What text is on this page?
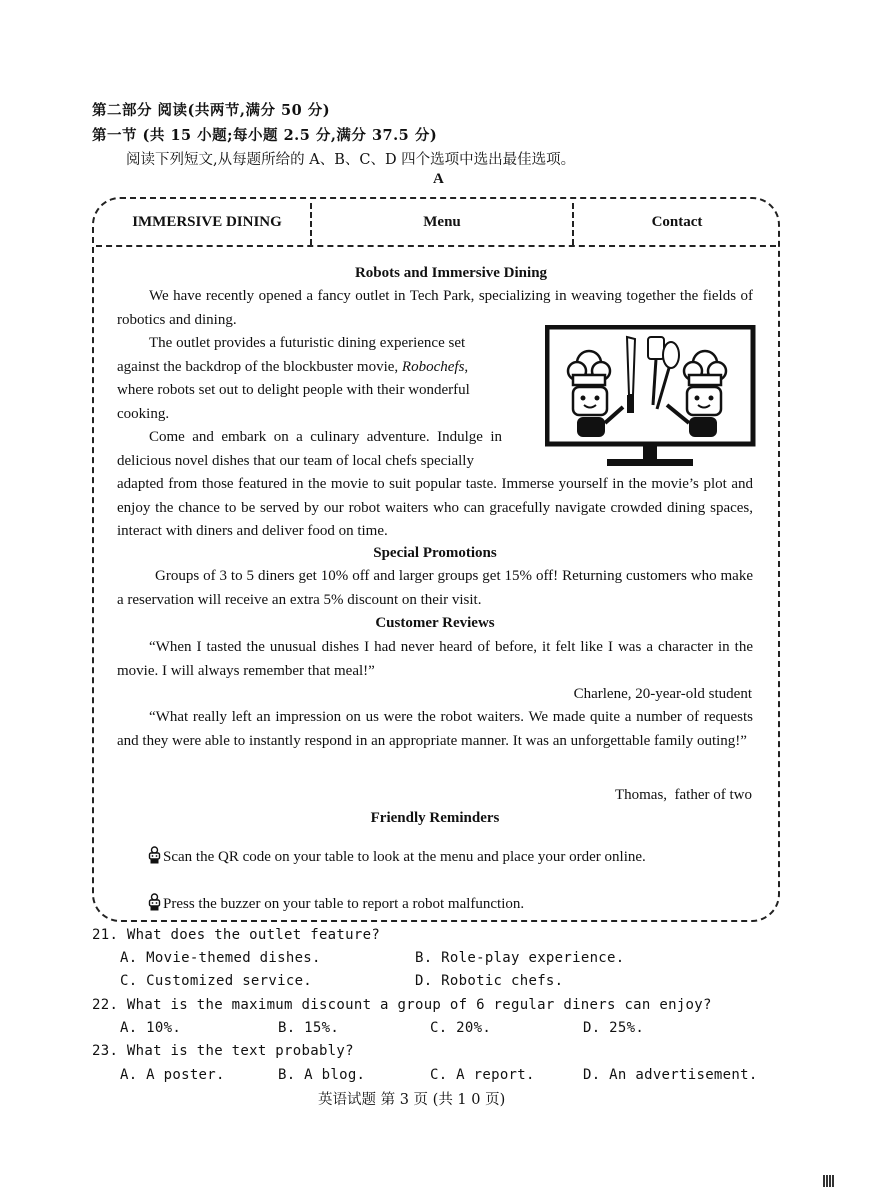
第二部分 阅读(共两节,满分 50 分)
第一节 (共 15 小题;每小题 2.5 分,满分 37.5 分)
阅读下列短文,从每题所给的 A、B、C、D 四个选项中选出最佳选项。
A
IMMERSIVE DINING	Menu	Contact
Robots and Immersive Dining
We have recently opened a fancy outlet in Tech Park, specializing in weaving together the fields of robotics and dining.
The outlet provides a futuristic dining experience set against the backdrop of the blockbuster movie, Robochefs, where robots set out to delight people with their wonderful cooking.
Come and embark on a culinary adventure. Indulge in delicious novel dishes that our team of local chefs specially
adapted from those featured in the movie to suit popular taste. Immerse yourself in the movie’s plot and enjoy the chance to be served by our robot waiters who can gracefully navigate crowded dining spaces, interact with diners and deliver food on time.
Special Promotions
Groups of 3 to 5 diners get 10% off and larger groups get 15% off! Returning customers who make a reservation will receive an extra 5% discount on their visit.
Customer Reviews
“When I tasted the unusual dishes I had never heard of before, it felt like I was a character in the movie. I will always remember that meal!”
Charlene, 20-year-old student
“What really left an impression on us were the robot waiters. We made quite a number of requests and they were able to instantly respond in an appropriate manner. It was an unforgettable family outing!”
Thomas,  father of two
Friendly Reminders
Scan the QR code on your table to look at the menu and place your order online.
Press the buzzer on your table to report a robot malfunction.
21. What does the outlet feature?
A. Movie-themed dishes.	B. Role-play experience.
C. Customized service.	D. Robotic chefs.
22. What is the maximum discount a group of 6 regular diners can enjoy?
A. 10%.	B. 15%.	C. 20%.	D. 25%.
23. What is the text probably?
A. A poster.	B. A blog.	C. A report.	D. An advertisement.
英语试题 第 3 页 (共 1 0 页)
